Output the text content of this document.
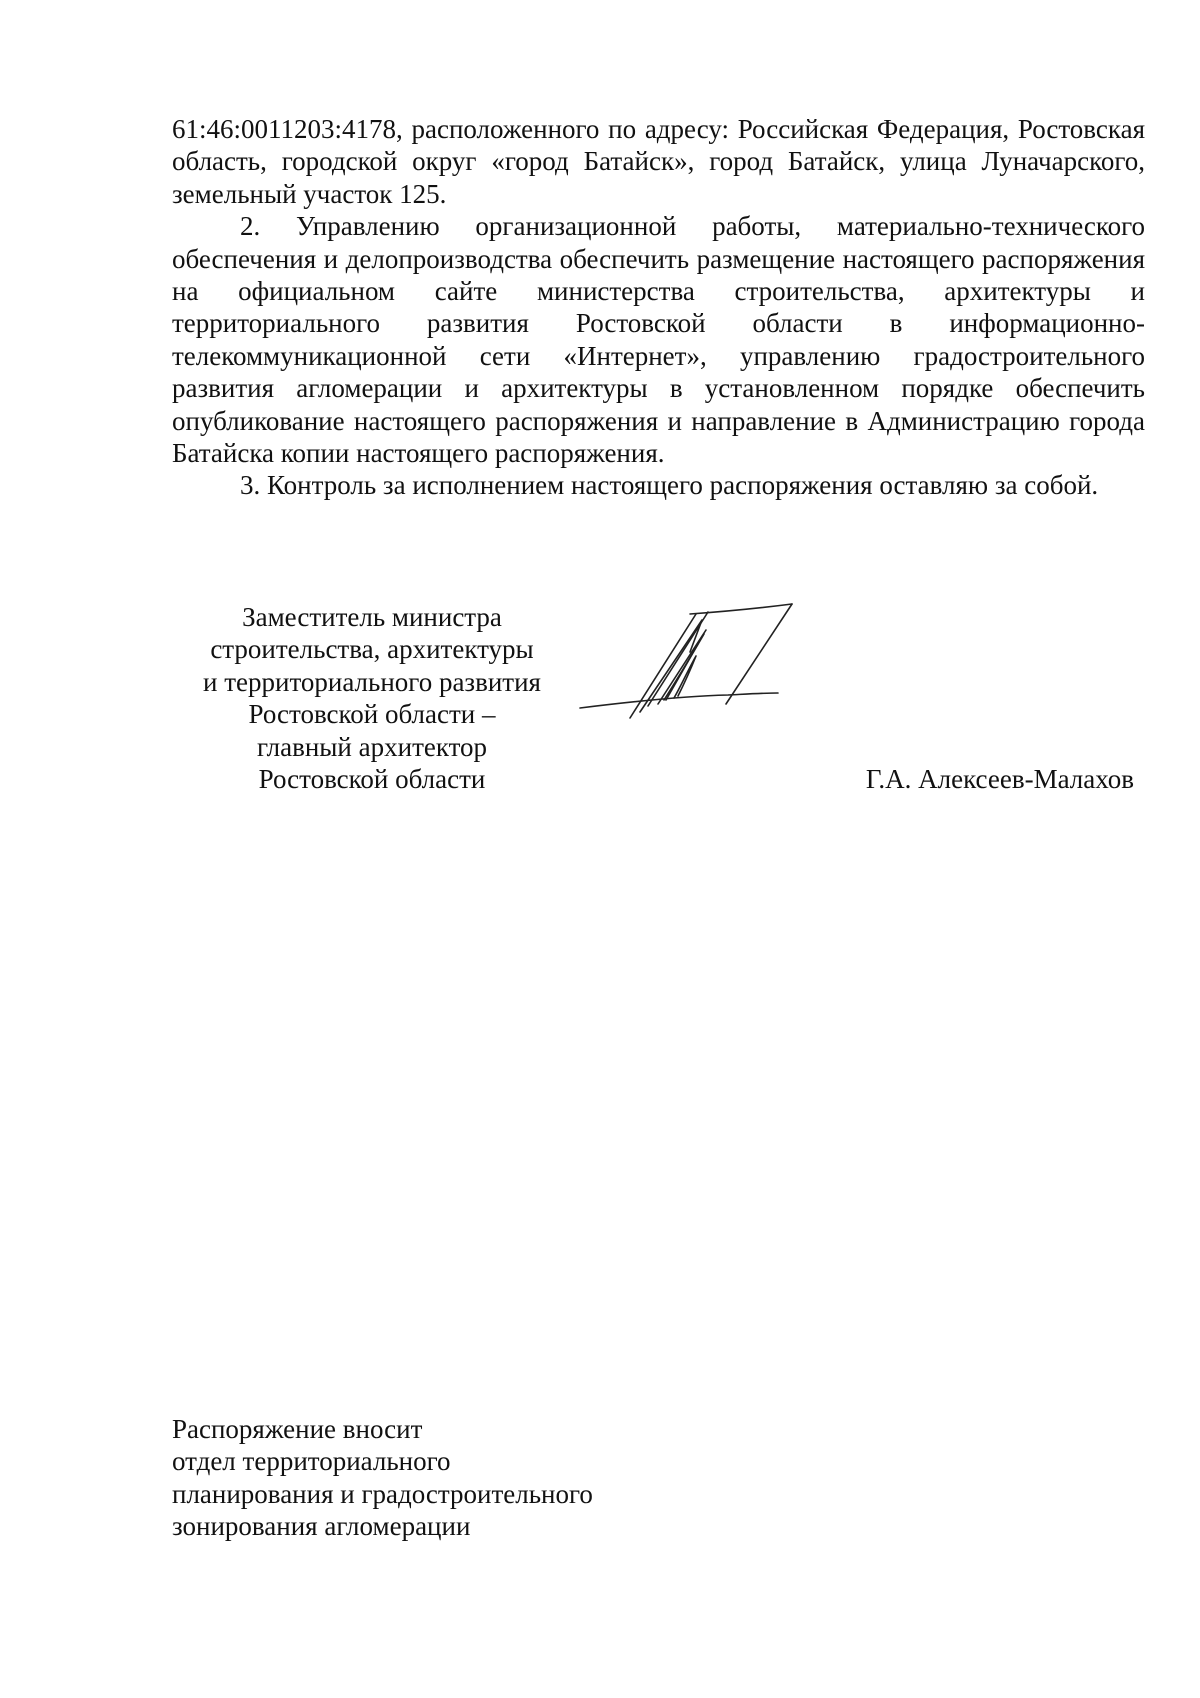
61:46:0011203:4178, расположенного по адресу: Российская Федерация, Ростовская область, городской округ «город Батайск», город Батайск, улица Луначарского, земельный участок 125.

2. Управлению организационной работы, материально-технического обеспечения и делопроизводства обеспечить размещение настоящего распоряжения на официальном сайте министерства строительства, архитектуры и территориального развития Ростовской области в информационно-телекоммуникационной сети «Интернет», управлению градостроительного развития агломерации и архитектуры в установленном порядке обеспечить опубликование настоящего распоряжения и направление в Администрацию города Батайска копии настоящего распоряжения.

3. Контроль за исполнением настоящего распоряжения оставляю за собой.

Заместитель министра
строительства, архитектуры
и территориального развития
Ростовской области –
главный архитектор
Ростовской области	Г.А. Алексеев-Малахов
Распоряжение вносит
отдел территориального
планирования и градостроительного
зонирования агломерации
